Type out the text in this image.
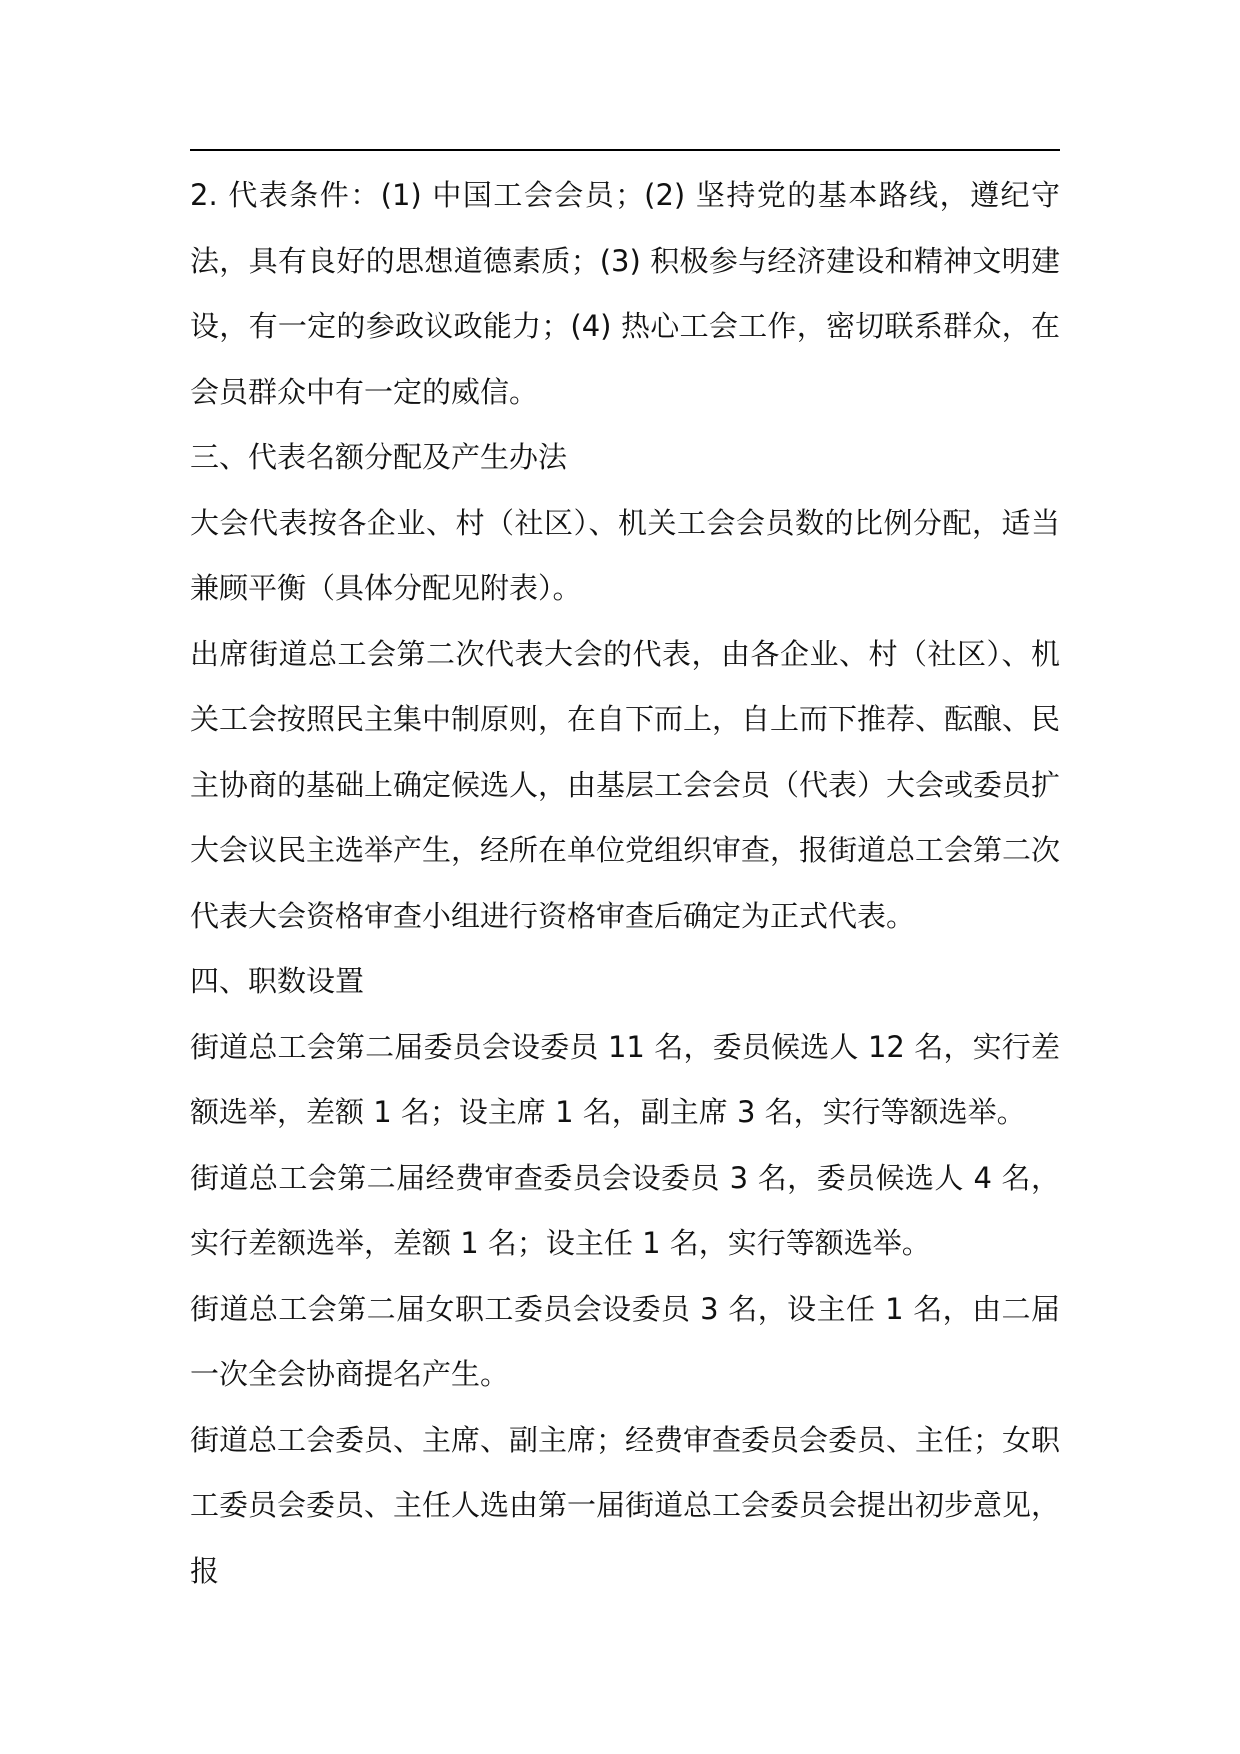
2. 代表条件：(1) 中国工会会员；(2) 坚持党的基本路线，遵纪守法，具有良好的思想道德素质；(3) 积极参与经济建设和精神文明建设，有一定的参政议政能力；(4) 热心工会工作，密切联系群众，在会员群众中有一定的威信。

三、代表名额分配及产生办法

大会代表按各企业、村（社区）、机关工会会员数的比例分配，适当兼顾平衡（具体分配见附表）。

出席街道总工会第二次代表大会的代表，由各企业、村（社区）、机关工会按照民主集中制原则，在自下而上，自上而下推荐、酝酿、民主协商的基础上确定候选人，由基层工会会员（代表）大会或委员扩大会议民主选举产生，经所在单位党组织审查，报街道总工会第二次代表大会资格审查小组进行资格审查后确定为正式代表。

四、职数设置

街道总工会第二届委员会设委员 11 名，委员候选人 12 名，实行差额选举，差额 1 名；设主席 1 名，副主席 3 名，实行等额选举。

街道总工会第二届经费审查委员会设委员 3 名，委员候选人 4 名，实行差额选举，差额 1 名；设主任 1 名，实行等额选举。

街道总工会第二届女职工委员会设委员 3 名，设主任 1 名，由二届一次全会协商提名产生。

街道总工会委员、主席、副主席；经费审查委员会委员、主任；女职工委员会委员、主任人选由第一届街道总工会委员会提出初步意见，报
